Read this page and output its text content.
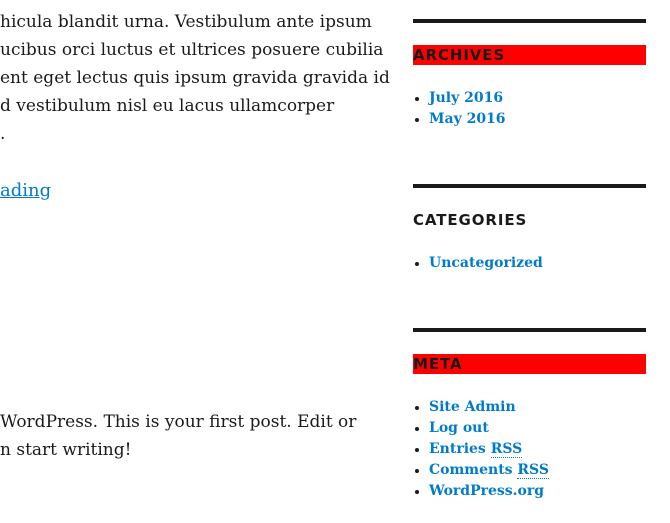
hicula blandit urna. Vestibulum ante ipsum
ucibus orci luctus et ultrices posuere cubilia
ent eget lectus quis ipsum gravida gravida id
d vestibulum nisl eu lacus ullamcorper
.
ading
WordPress. This is your first post. Edit or
n start writing!
ARCHIVES
July 2016
May 2016
CATEGORIES
Uncategorized
META
Site Admin
Log out
Entries RSS
Comments RSS
WordPress.org
